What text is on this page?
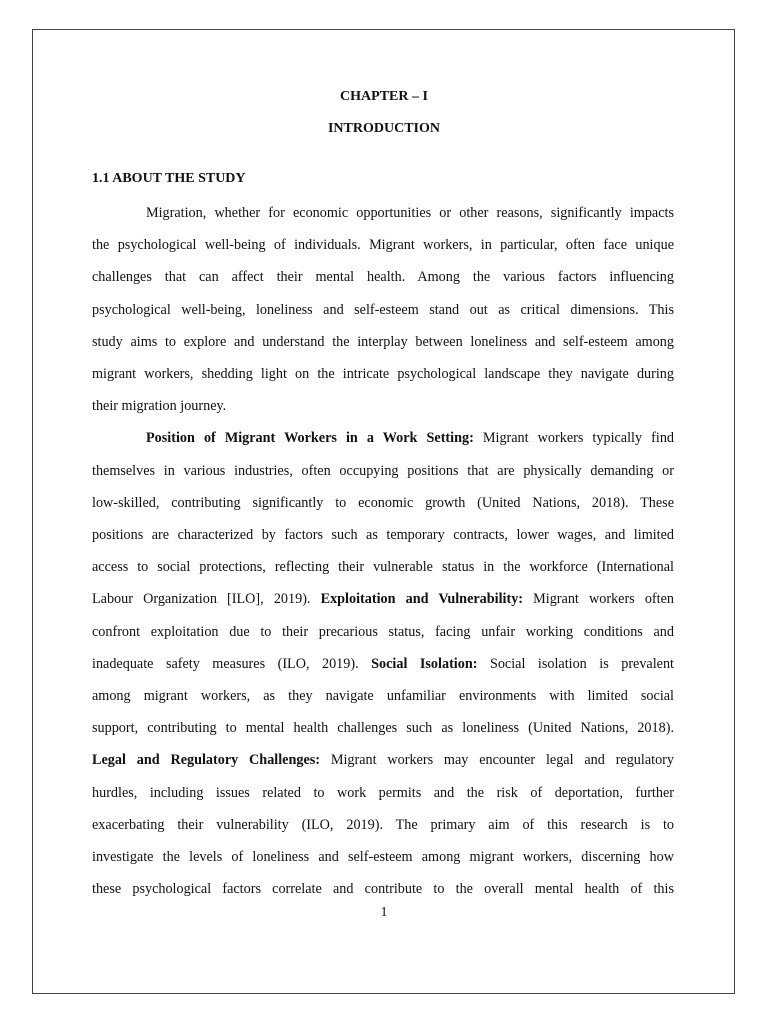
CHAPTER – I
INTRODUCTION
1.1 ABOUT THE STUDY
Migration, whether for economic opportunities or other reasons, significantly impacts
the psychological well-being of individuals. Migrant workers, in particular, often face unique
challenges that can affect their mental health. Among the various factors influencing
psychological well-being, loneliness and self-esteem stand out as critical dimensions. This
study aims to explore and understand the interplay between loneliness and self-esteem among
migrant workers, shedding light on the intricate psychological landscape they navigate during
their migration journey.
Position of Migrant Workers in a Work Setting: Migrant workers typically find
themselves in various industries, often occupying positions that are physically demanding or
low-skilled, contributing significantly to economic growth (United Nations, 2018). These
positions are characterized by factors such as temporary contracts, lower wages, and limited
access to social protections, reflecting their vulnerable status in the workforce (International
Labour Organization [ILO], 2019). Exploitation and Vulnerability: Migrant workers often
confront exploitation due to their precarious status, facing unfair working conditions and
inadequate safety measures (ILO, 2019). Social Isolation: Social isolation is prevalent
among migrant workers, as they navigate unfamiliar environments with limited social
support, contributing to mental health challenges such as loneliness (United Nations, 2018).
Legal and Regulatory Challenges: Migrant workers may encounter legal and regulatory
hurdles, including issues related to work permits and the risk of deportation, further
exacerbating their vulnerability (ILO, 2019). The primary aim of this research is to
investigate the levels of loneliness and self-esteem among migrant workers, discerning how
these psychological factors correlate and contribute to the overall mental health of this
1
